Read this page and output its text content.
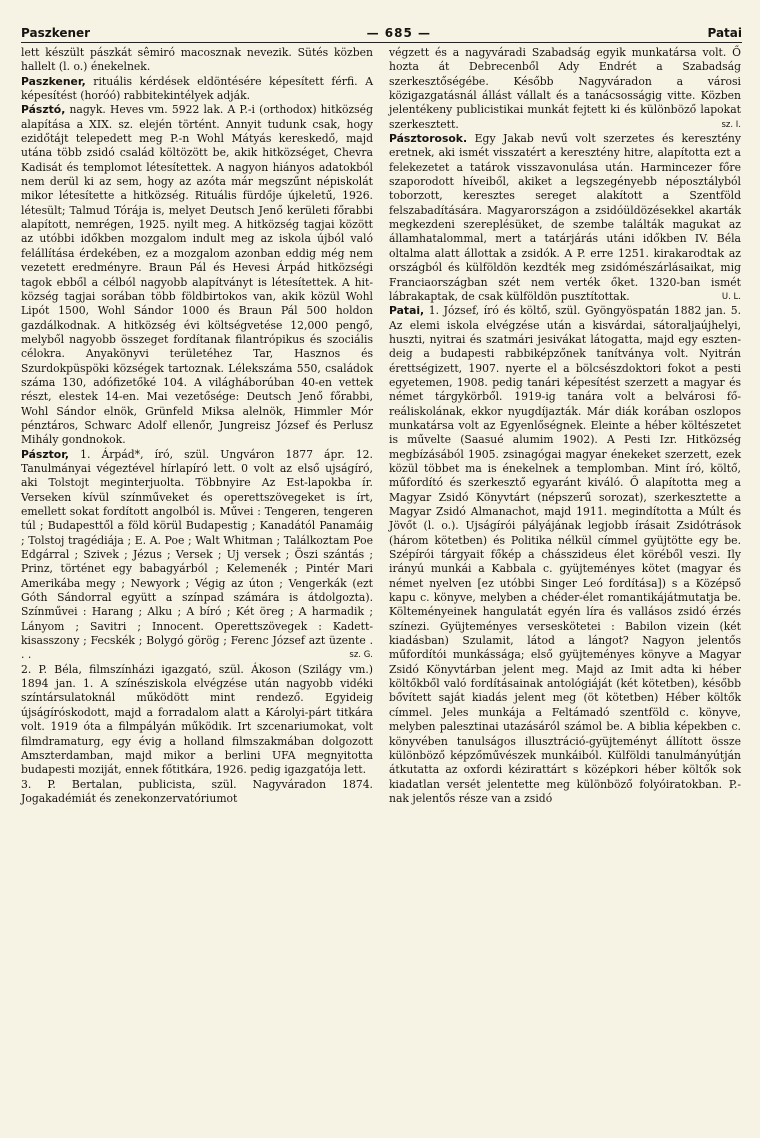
Paszkener	— 685 —	Patai

lett készült pászkát sêmiró macosznak nevezik. Sütés közben hallelt (l. o.) énekelnek.

Paszkener, rituális kérdések eldöntésére képesített férfi. A képesítést (horóó) rabbitekintélyek adják.

Pásztó, nagyk. Heves vm. 5922 lak. A P.-i (orthodox) hitközség alapítása a XIX. sz. elején történt. Annyit tudunk csak, hogy ezidőtájt telepedett meg P.-n Wohl Mátyás kereskedő, majd utána több zsidó család költözött be, akik hitközséget, Chevra Kadisát és templomot létesítettek. A nagyon hiányos adatokból nem derül ki az sem, hogy az azóta már megszűnt népiskolát mikor létesítette a hitközség. Rituális fürdője újkeletű, 1926. létesült; Talmud Tórája is, melyet Deutsch Jenő kerületi főrabbi alapított, nemrégen, 1925. nyilt meg. A hitközség tagjai között az utóbbi időkben mozgalom indult meg az iskola újból való felállítása érdekében, ez a mozgalom azonban eddig még nem vezetett eredményre. Braun Pál és Hevesi Árpád hitközségi tagok ebből a célból nagyobb alapítványt is létesítettek. A hitközség tagjai sorában több földbirtokos van, akik közül Wohl Lipót 1500, Wohl Sándor 1000 és Braun Pál 500 holdon gazdálkodnak. A hitközség évi költségvetése 12,000 pengő, melyből nagyobb összeget fordítanak filantrópikus és szociális célokra. Anyakönyvi területéhez Tar, Hasznos és Szurdokpüspöki községek tartoznak. Lélekszáma 550, családok száma 130, adófizetőké 104. A világháborúban 40-en vettek részt, elestek 14-en. Mai vezetősége: Deutsch Jenő főrabbi, Wohl Sándor elnök, Grünfeld Miksa alelnök, Himmler Mór pénztáros, Schwarc Adolf ellenőr, Jungreisz József és Perlusz Mihály gondnokok.

Pásztor, 1. Árpád*, író, szül. Ungváron 1877 ápr. 12. Tanulmányai végeztével hírlapíró lett. 0 volt az első ujságíró, aki Tolstojt meginterjuolta. Többnyire Az Est-lapokba ír. Verseken kívül színműveket és operettszövegeket is írt, emellett sokat fordított angolból is. Művei : Tengeren, tengeren túl ; Budapesttől a föld körül Budapestig ; Kanadától Panamáig ; Tolstoj tragédiája ; E. A. Poe ; Walt Whitman ; Találkoztam Poe Edgárral ; Szivek ; Jézus ; Versek ; Uj versek ; Öszi szántás ; Prinz, történet egy babagyárból ; Kelemenék ; Pintér Mari Amerikába megy ; Newyork ; Végig az úton ; Vengerkák (ezt Góth Sándorral együtt a színpad számára is átdolgozta). Színművei : Harang ; Alku ; A bíró ; Két öreg ; A harmadik ; Lányom ; Savitri ; Innocent. Operettszövegek : Kadettkisasszony ; Fecskék ; Bolygó görög ; Ferenc József azt üzente . . .	sz. G.

2. P. Béla, filmszínházi igazgató, szül. Ákoson (Szilágy vm.) 1894 jan. 1. A színésziskola elvégzése után nagyobb vidéki színtársulatoknál működött mint rendező. Egyideig újságíróskodott, majd a forradalom alatt a Károlyi-párt titkára volt. 1919 óta a filmpályán működik. Irt szcenariumokat, volt filmdramaturg, egy évig a holland filmszakmában dolgozott Amszterdamban, majd mikor a berlini UFA megnyitotta budapesti moziját, ennek főtitkára, 1926. pedig igazgatója lett.

3. P. Bertalan, publicista, szül. Nagyváradon 1874. Jogakadémiát és zenekonzervatóriumot

végzett és a nagyváradi Szabadság egyik munkatársa volt. Ő hozta át Debrecenből Ady Endrét a Szabadság szerkesztőségébe. Később Nagyváradon a városi közigazgatásnál állást vállalt és a tanácsosságig vitte. Közben jelentékeny publicistikai munkát fejtett ki és különböző lapokat szerkesztett.	sz. I.

Pásztorosok. Egy Jakab nevű volt szerzetes és keresztény eretnek, aki ismét visszatért a keresztény hitre, alapította ezt a felekezetet a tatárok visszavonulása után. Harmincezer főre szaporodott híveiből, akiket a legszegényebb néposztályból toborzott, keresztes sereget alakított a Szentföld felszabadítására. Magyarországon a zsidóüldözésekkel akarták megkezdeni szereplésüket, de szembe találták magukat az államhatalommal, mert a tatárjárás utáni időkben IV. Béla oltalma alatt állottak a zsidók. A P. erre 1251. kirakarodtak az országból és külföldön kezdték meg zsidómészárlásaikat, mig Franciaországban szét nem verték őket. 1320-ban ismét lábrakaptak, de csak külföldön pusztítottak.	U. L.

Patai, 1. József, író és költő, szül. Gyöngyöspatán 1882 jan. 5. Az elemi iskola elvégzése után a kisvárdai, sátoraljaújhelyi, huszti, nyitrai és szatmári jesivákat látogatta, majd egy esztendeig a budapesti rabbiképzőnek tanítványa volt. Nyitrán érettségizett, 1907. nyerte el a bölcsészdoktori fokot a pesti egyetemen, 1908. pedig tanári képesítést szerzett a magyar és német tárgykörből. 1919-ig tanára volt a belvárosi főreáliskolának, ekkor nyugdíjazták. Már diák korában oszlopos munkatársa volt az Egyenlőségnek. Eleinte a héber költészetet is művelte (Saasué alumim 1902). A Pesti Izr. Hitközség megbízásából 1905. zsinagógai magyar énekeket szerzett, ezek közül többet ma is énekelnek a templomban. Mint író, költő, műfordító és szerkesztő egyaránt kiváló. Ő alapította meg a Magyar Zsidó Könyvtárt (népszerű sorozat), szerkesztette a Magyar Zsidó Almanachot, majd 1911. megindította a Múlt és Jövőt (l. o.). Ujságírói pályájának legjobb írásait Zsidótrások (három kötetben) és Politika nélkül címmel gyüjtötte egy be. Szépírói tárgyait főkép a chásszideus élet köréből veszi. Ily irányú munkái a Kabbala c. gyüjteményes kötet (magyar és német nyelven [ez utóbbi Singer Leó fordítása]) s a Középső kapu c. könyve, melyben a chéder-élet romantikájátmutatja be. Költeményeinek hangulatát egyén líra és vallásos zsidó érzés színezi. Gyüjteményes verseskötetei : Babilon vizein (két kiadásban) Szulamit, látod a lángot? Nagyon jelentős műfordítói munkássága; első gyüjteményes könyve a Magyar Zsidó Könyvtárban jelent meg. Majd az Imit adta ki héber költőkből való fordításainak antológiáját (két kötetben), később bővített saját kiadás jelent meg (öt kötetben) Héber költők címmel. Jeles munkája a Feltámadó szentföld c. könyve, melyben palesztinai utazásáról számol be. A biblia képekben c. könyvében tanulságos illusztráció-gyüjteményt állított össze különböző képzőművészek munkáiból. Külföldi tanulmányútján átkutatta az oxfordi kézirattárt s középkori héber költők sok kiadatlan versét jelentette meg különböző folyóiratokban. P.-nak jelentős része van a zsidó
